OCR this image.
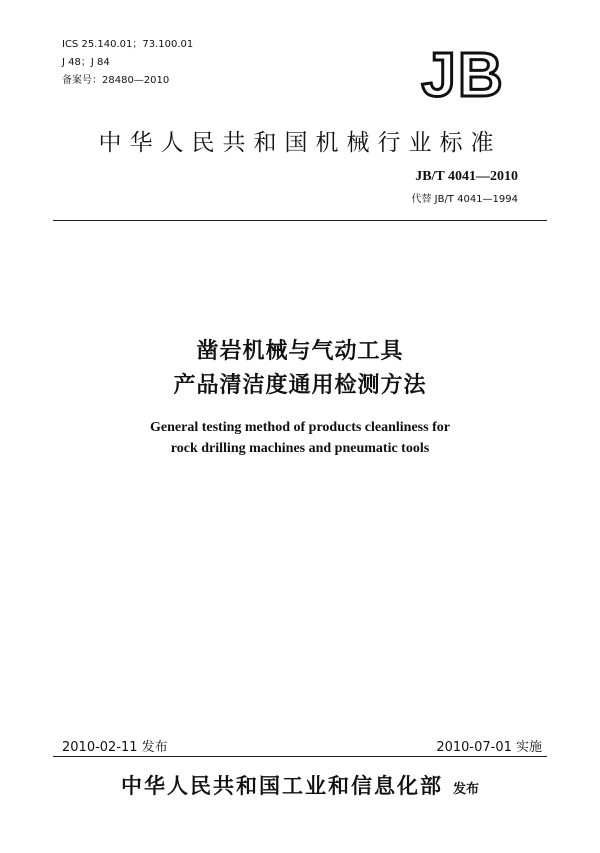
ICS 25.140.01；73.100.01
J 48；J 84
备案号：28480—2010	JB
中华人民共和国机械行业标准
JB/T 4041—2010
代替 JB/T 4041—1994
凿岩机械与气动工具
产品清洁度通用检测方法
General testing method of products cleanliness for
rock drilling machines and pneumatic tools
2010-02-11 发布	2010-07-01 实施
中华人民共和国工业和信息化部 发布
